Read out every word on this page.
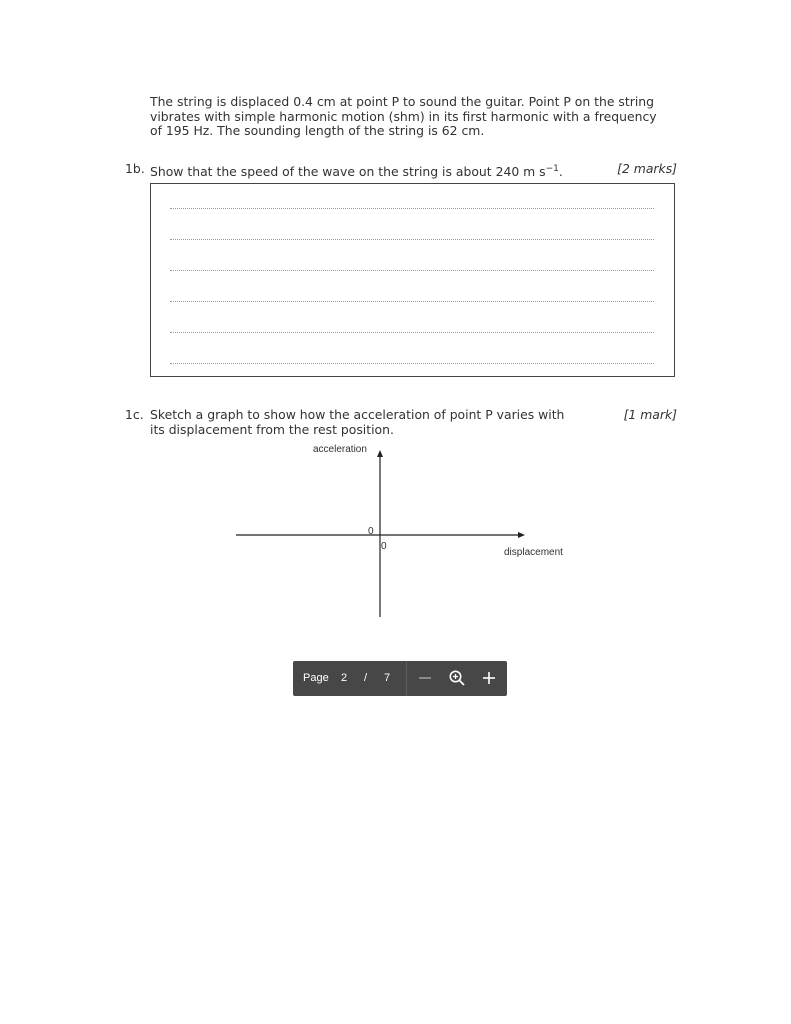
The string is displaced 0.4 cm at point P to sound the guitar. Point P on the string
vibrates with simple harmonic motion (shm) in its first harmonic with a frequency
of 195 Hz. The sounding length of the string is 62 cm.
1b. Show that the speed of the wave on the string is about 240 m $s^{-1}$.	[2 marks]
1c. Sketch a graph to show how the acceleration of point P varies with
its displacement from the rest position.
[1 mark]
acceleration
displacement
0
0
Page 2 / 7
